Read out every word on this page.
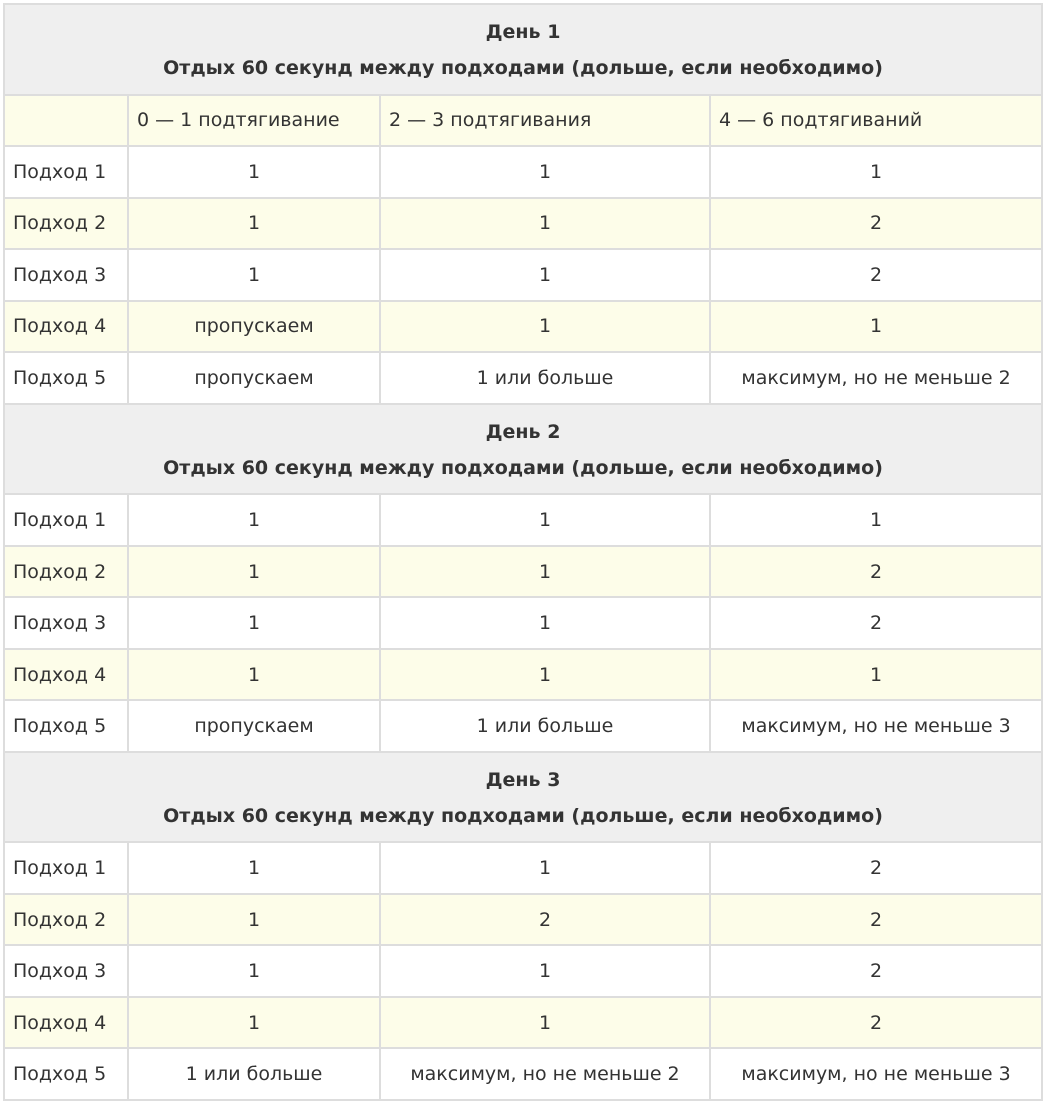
День 1
Отдых 60 секунд между подходами (дольше, если необходимо)			

	0 — 1 подтягивание	2 — 3 подтягивания	4 — 6 подтягиваний
Подход 1	1	1	1
Подход 2	1	1	2
Подход 3	1	1	2
Подход 4	пропускаем	1	1
Подход 5	пропускаем	1 или больше	максимум, но не меньше 2

День 2
Отдых 60 секунд между подходами (дольше, если необходимо)			

Подход 1	1	1	1
Подход 2	1	1	2
Подход 3	1	1	2
Подход 4	1	1	1
Подход 5	пропускаем	1 или больше	максимум, но не меньше 3

День 3
Отдых 60 секунд между подходами (дольше, если необходимо)			

Подход 1	1	1	2
Подход 2	1	2	2
Подход 3	1	1	2
Подход 4	1	1	2
Подход 5	1 или больше	максимум, но не меньше 2	максимум, но не меньше 3
